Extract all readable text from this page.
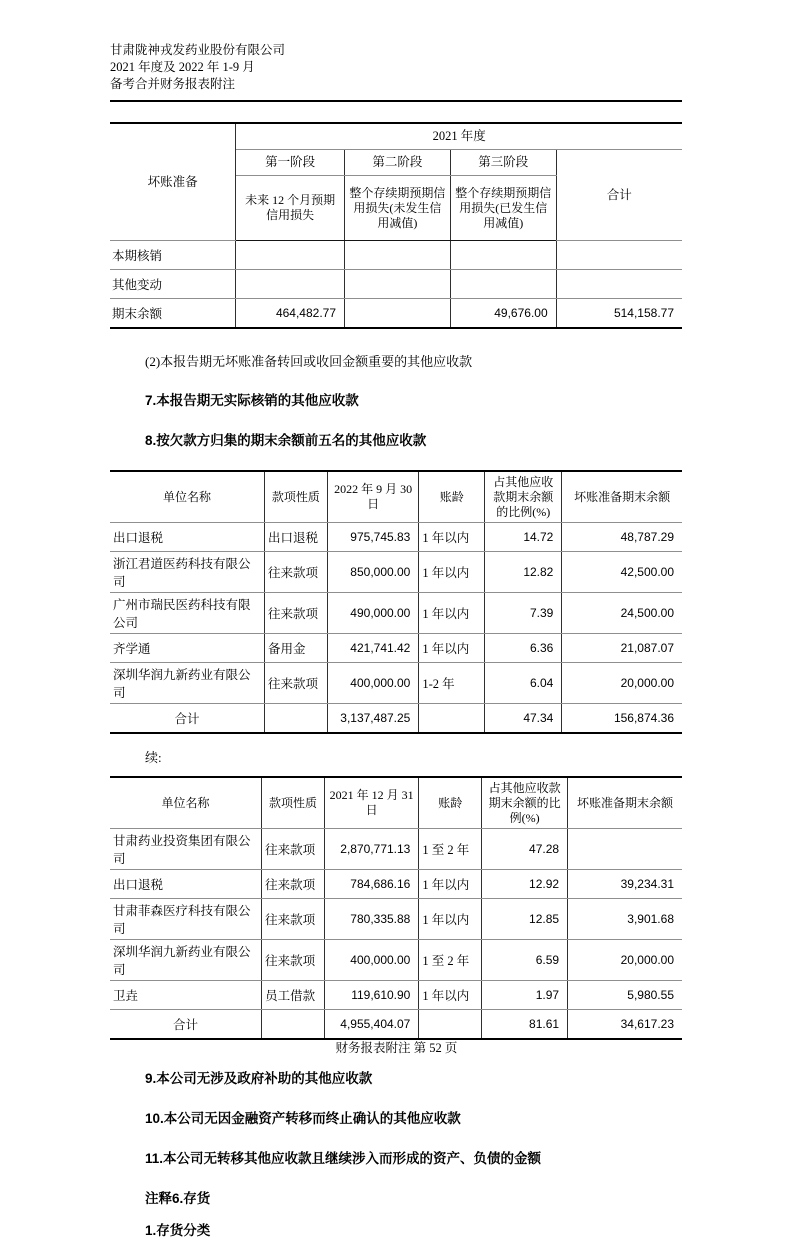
甘肃陇神戎发药业股份有限公司
2021 年度及 2022 年 1-9 月
备考合并财务报表附注
坏账准备	2021 年度			
	第一阶段	第二阶段	第三阶段	合计
	未来 12 个月预期信用损失	整个存续期预期信用损失(未发生信用减值)	整个存续期预期信用损失(已发生信用减值)	
本期核销				
其他变动				
期末余额	464,482.77		49,676.00	514,158.77
(2)本报告期无坏账准备转回或收回金额重要的其他应收款
7.本报告期无实际核销的其他应收款
8.按欠款方归集的期末余额前五名的其他应收款
单位名称	款项性质	2022 年 9 月 30 日	账龄	占其他应收款期末余额的比例(%)	坏账准备期末余额
出口退税	出口退税	975,745.83	1 年以内	14.72	48,787.29
浙江君道医药科技有限公司	往来款项	850,000.00	1 年以内	12.82	42,500.00
广州市瑞民医药科技有限公司	往来款项	490,000.00	1 年以内	7.39	24,500.00
齐学通	备用金	421,741.42	1 年以内	6.36	21,087.07
深圳华润九新药业有限公司	往来款项	400,000.00	1-2 年	6.04	20,000.00
合计		3,137,487.25		47.34	156,874.36
续:
单位名称	款项性质	2021 年 12 月 31 日	账龄	占其他应收款期末余额的比例(%)	坏账准备期末余额
甘肃药业投资集团有限公司	往来款项	2,870,771.13	1 至 2 年	47.28	
出口退税	往来款项	784,686.16	1 年以内	12.92	39,234.31
甘肃菲森医疗科技有限公司	往来款项	780,335.88	1 年以内	12.85	3,901.68
深圳华润九新药业有限公司	往来款项	400,000.00	1 至 2 年	6.59	20,000.00
卫垚	员工借款	119,610.90	1 年以内	1.97	5,980.55
合计		4,955,404.07		81.61	34,617.23
9.本公司无涉及政府补助的其他应收款
10.本公司无因金融资产转移而终止确认的其他应收款
11.本公司无转移其他应收款且继续涉入而形成的资产、负债的金额
注释6.存货
1.存货分类
财务报表附注 第 52 页
